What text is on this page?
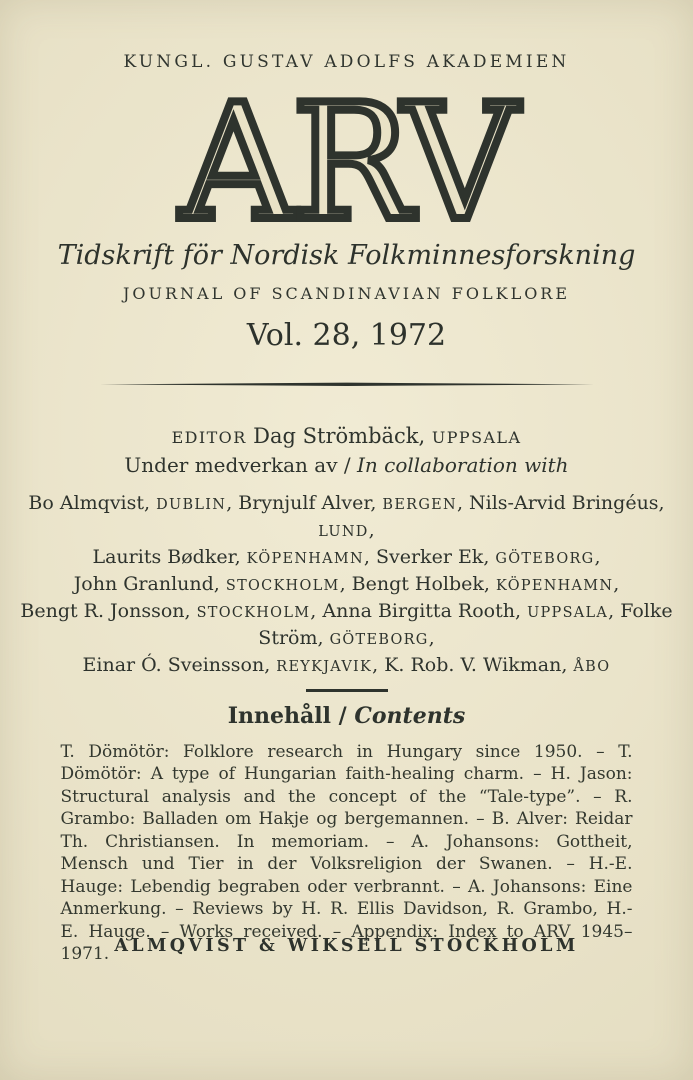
KUNGL. GUSTAV ADOLFS AKADEMIEN
ARV
Tidskrift för Nordisk Folkminnesforskning
JOURNAL OF SCANDINAVIAN FOLKLORE
Vol. 28, 1972
EDITOR Dag Strömbäck, UPPSALA
Under medverkan av / In collaboration with
Bo Almqvist, DUBLIN, Brynjulf Alver, BERGEN, Nils-Arvid Bringéus, LUND,
Laurits Bødker, KÖPENHAMN, Sverker Ek, GÖTEBORG,
John Granlund, STOCKHOLM, Bengt Holbek, KÖPENHAMN,
Bengt R. Jonsson, STOCKHOLM, Anna Birgitta Rooth, UPPSALA, Folke Ström, GÖTEBORG,
Einar Ó. Sveinsson, REYKJAVIK, K. Rob. V. Wikman, ÅBO
Innehåll / Contents
T. Dömötör: Folklore research in Hungary since 1950. – T. Dömötör: A type of Hungarian faith-healing charm. – H. Jason: Structural analysis and the concept of the “Tale-type”. – R. Grambo: Balladen om Hakje og bergemannen. – B. Alver: Reidar Th. Christiansen. In memoriam. – A. Johansons: Gottheit, Mensch und Tier in der Volksreligion der Swanen. – H.-E. Hauge: Lebendig begraben oder verbrannt. – A. Johansons: Eine Anmerkung. – Reviews by H. R. Ellis Davidson, R. Grambo, H.-E. Hauge. – Works received. – Appendix: Index to ARV 1945–1971. ALMQVIST & WIKSELL STOCKHOLM
